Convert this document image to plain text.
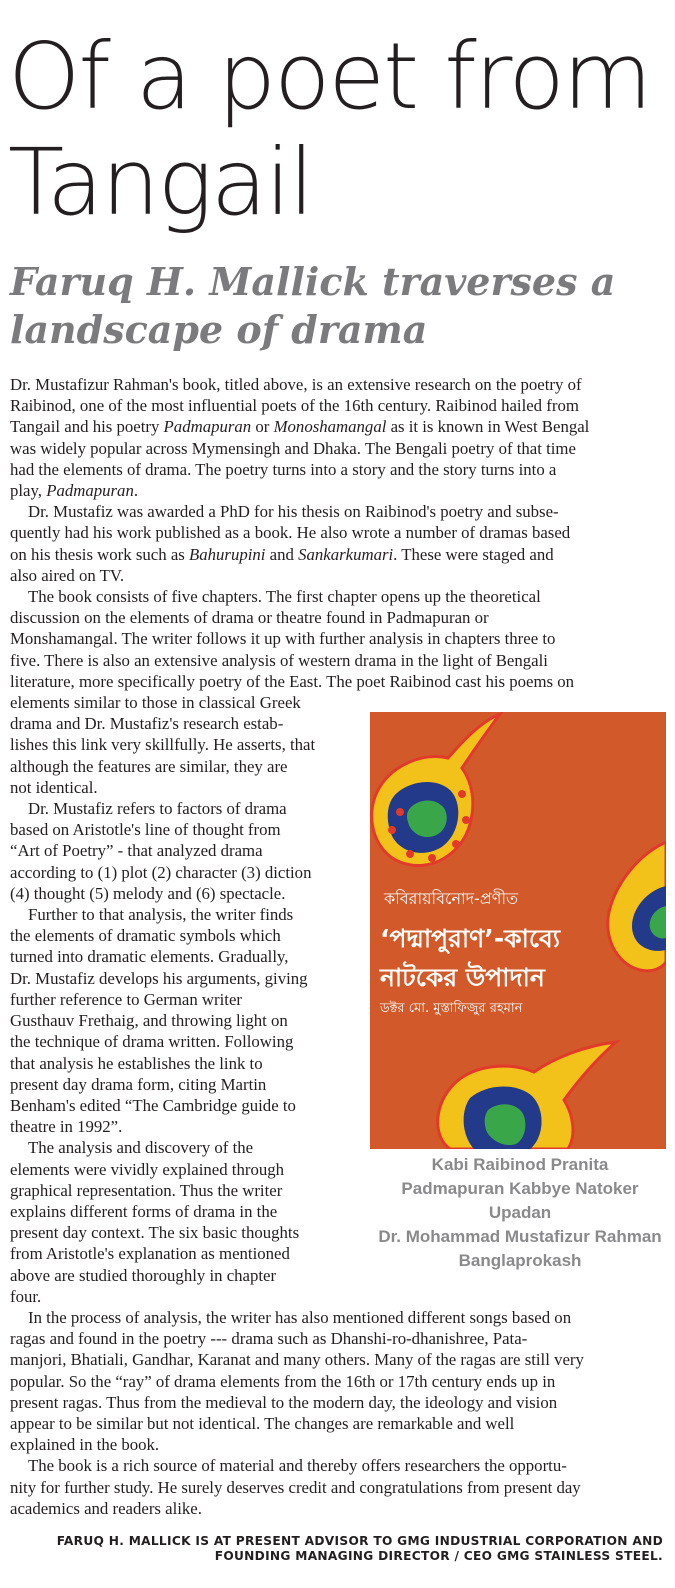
Of a poet from
Tangail
Faruq H. Mallick traverses a
landscape of drama

Dr. Mustafizur Rahman's book, titled above, is an extensive research on the poetry of
Raibinod, one of the most influential poets of the 16th century. Raibinod hailed from
Tangail and his poetry Padmapuran or Monoshamangal as it is known in West Bengal
was widely popular across Mymensingh and Dhaka. The Bengali poetry of that time
had the elements of drama. The poetry turns into a story and the story turns into a
play, Padmapuran.

Dr. Mustafiz was awarded a PhD for his thesis on Raibinod's poetry and subse-
quently had his work published as a book. He also wrote a number of dramas based
on his thesis work such as Bahurupini and Sankarkumari. These were staged and
also aired on TV.

The book consists of five chapters. The first chapter opens up the theoretical
discussion on the elements of drama or theatre found in Padmapuran or
Monshamangal. The writer follows it up with further analysis in chapters three to
five. There is also an extensive analysis of western drama in the light of Bengali
literature, more specifically poetry of the East. The poet Raibinod cast his poems on
elements similar to those in classical Greek
drama and Dr. Mustafiz's research estab-
lishes this link very skillfully. He asserts, that
although the features are similar, they are
not identical.

Dr. Mustafiz refers to factors of drama
based on Aristotle's line of thought from
“Art of Poetry” - that analyzed drama
according to (1) plot (2) character (3) diction
(4) thought (5) melody and (6) spectacle.

Further to that analysis, the writer finds
the elements of dramatic symbols which
turned into dramatic elements. Gradually,
Dr. Mustafiz develops his arguments, giving
further reference to German writer
Gusthauv Frethaig, and throwing light on
the technique of drama written. Following
that analysis he establishes the link to
present day drama form, citing Martin
Benham's edited “The Cambridge guide to
theatre in 1992”.

The analysis and discovery of the
elements were vividly explained through
graphical representation. Thus the writer
explains different forms of drama in the
present day context. The six basic thoughts
from Aristotle's explanation as mentioned
above are studied thoroughly in chapter
four.

In the process of analysis, the writer has also mentioned different songs based on
ragas and found in the poetry --- drama such as Dhanshi-ro-dhanishree, Pata-
manjori, Bhatiali, Gandhar, Karanat and many others. Many of the ragas are still very
popular. So the “ray” of drama elements from the 16th or 17th century ends up in
present ragas. Thus from the medieval to the modern day, the ideology and vision
appear to be similar but not identical. The changes are remarkable and well
explained in the book.

The book is a rich source of material and thereby offers researchers the opportu-
nity for further study. He surely deserves credit and congratulations from present day
academics and readers alike.

কবিরায়বিনোদ-প্রণীত
‘পদ্মাপুরাণ’-কাব্যে
নাটকের উপাদান
ডক্টর মো. মুস্তাফিজুর রহমান
Kabi Raibinod Pranita
Padmapuran Kabbye Natoker
Upadan
Dr. Mohammad Mustafizur Rahman
Banglaprokash
FARUQ H. MALLICK IS AT PRESENT ADVISOR TO GMG INDUSTRIAL CORPORATION AND
FOUNDING MANAGING DIRECTOR / CEO GMG STAINLESS STEEL.
